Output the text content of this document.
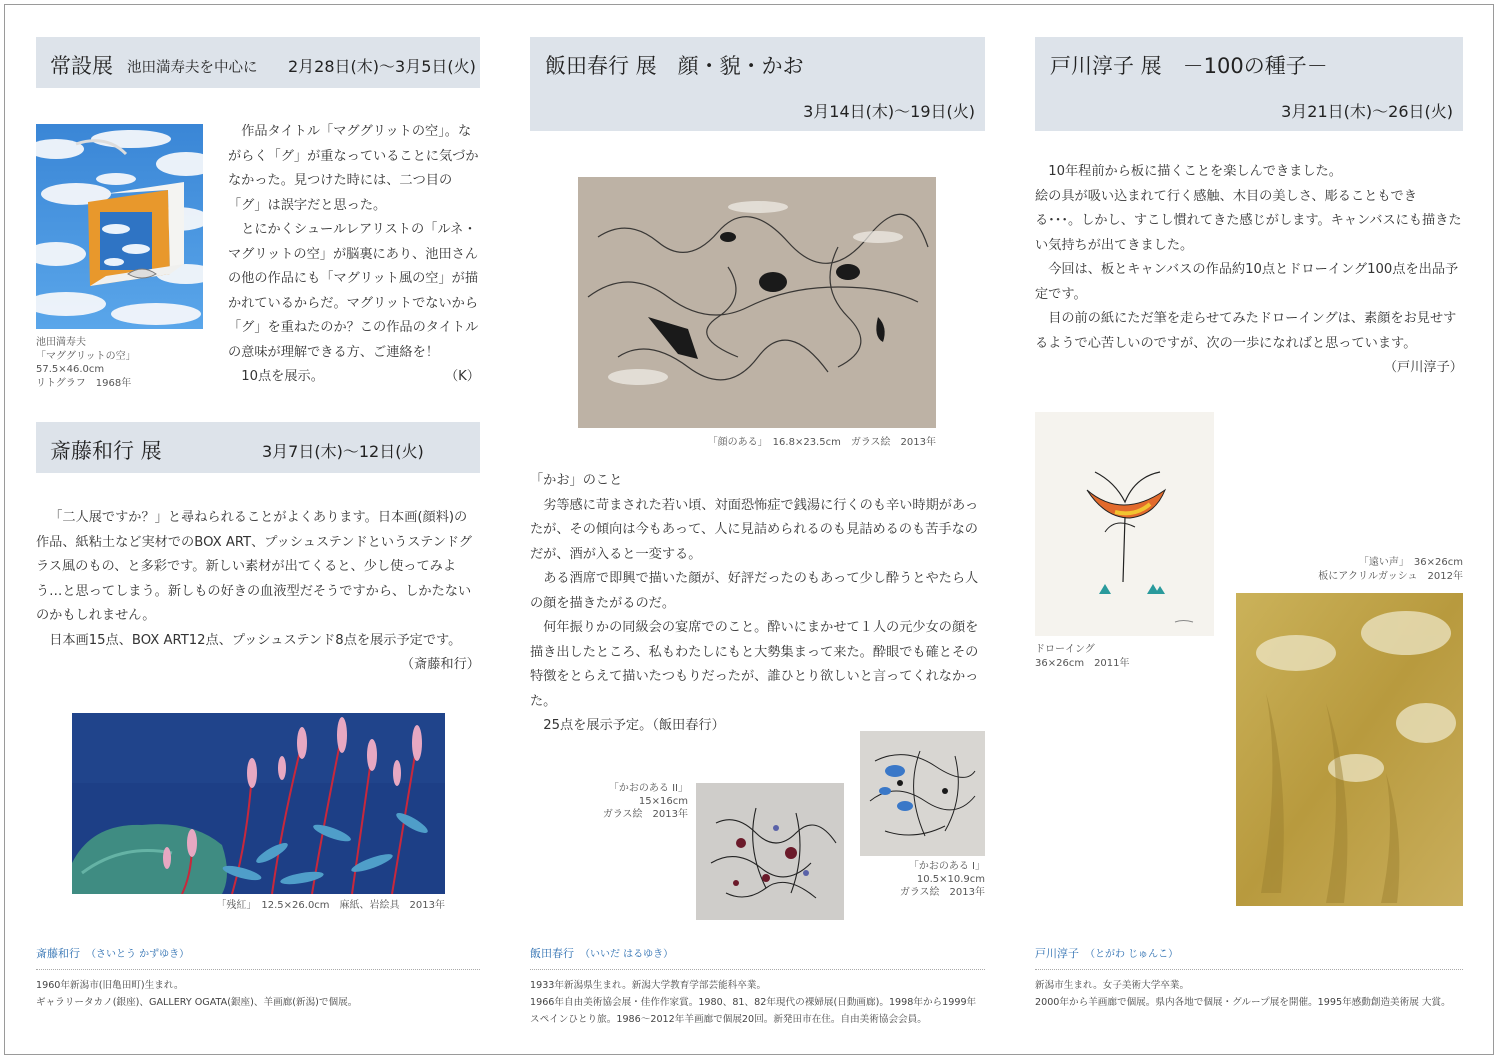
常設展 池田満寿夫を中心に 2月28日(木)～3月5日(火)
池田満寿夫
「マググリットの空」
57.5×46.0cm
リトグラフ　1968年

作品タイトル「マググリットの空」。ながらく「グ」が重なっていることに気づかなかった。見つけた時には、二つ目の「グ」は誤字だと思った。

とにかくシュールレアリストの「ルネ・マグリットの空」が脳裏にあり、池田さんの他の作品にも「マグリット風の空」が描かれているからだ。マグリットでないから「グ」を重ねたのか？この作品のタイトルの意味が理解できる方、ご連絡を！

10点を展示。	（K）

斎藤和行 展	3月7日(木)～12日(火)

「二人展ですか？」と尋ねられることがよくあります。日本画(顔料)の作品、紙粘土など実材でのBOX ART、プッシュステンドというステンドグラス風のもの、と多彩です。新しい素材が出てくると、少し使ってみよう…と思ってしまう。新しもの好きの血液型だそうですから、しかたないのかもしれません。

日本画15点、BOX ART12点、プッシュステンド8点を展示予定です。

（斎藤和行）

「残紅」　12.5×26.0cm　麻紙、岩絵具　2013年
斎藤和行 （さいとう かずゆき）

1960年新潟市(旧亀田町)生まれ。

ギャラリータカノ(銀座)、GALLERY OGATA(銀座)、羊画廊(新潟)で個展。

飯田春行 展　顔・貌・かお
3月14日(木)～19日(火)
「顔のある」　16.8×23.5cm　ガラス絵　2013年

「かお」のこと

劣等感に苛まされた若い頃、対面恐怖症で銭湯に行くのも辛い時期があったが、その傾向は今もあって、人に見詰められるのも見詰めるのも苦手なのだが、酒が入ると一変する。

ある酒席で即興で描いた顔が、好評だったのもあって少し酔うとやたら人の顔を描きたがるのだ。

何年振りかの同級会の宴席でのこと。酔いにまかせて１人の元少女の顔を描き出したところ、私もわたしにもと大勢集まって来た。酔眼でも確とその特徴をとらえて描いたつもりだったが、誰ひとり欲しいと言ってくれなかった。

25点を展示予定。（飯田春行）

「かおのある II」
15×16cm
ガラス絵　2013年
「かおのある I」
10.5×10.9cm
ガラス絵　2013年
飯田春行 （いいだ はるゆき）

1933年新潟県生まれ。新潟大学教育学部芸能科卒業。

1966年自由美術協会展・佳作作家賞。1980、81、82年現代の裸婦展(日動画廊)。1998年から1999年スペインひとり旅。1986～2012年羊画廊で個展20回。新発田市在住。自由美術協会会員。

戸川淳子 展　－100の種子－
3月21日(木)～26日(火)

10年程前から板に描くことを楽しんできました。

絵の具が吸い込まれて行く感触、木目の美しさ、彫ることもできる･･･。しかし、すこし慣れてきた感じがします。キャンバスにも描きたい気持ちが出てきました。

今回は、板とキャンバスの作品約10点とドローイング100点を出品予定です。

目の前の紙にただ筆を走らせてみたドローイングは、素顔をお見せするようで心苦しいのですが、次の一歩になればと思っています。

（戸川淳子）

ドローイング
36×26cm　2011年
「遠い声」　36×26cm
板にアクリルガッシュ　2012年
戸川淳子 （とがわ じゅんこ）

新潟市生まれ。女子美術大学卒業。

2000年から羊画廊で個展。県内各地で個展・グループ展を開催。1995年感動創造美術展 大賞。
